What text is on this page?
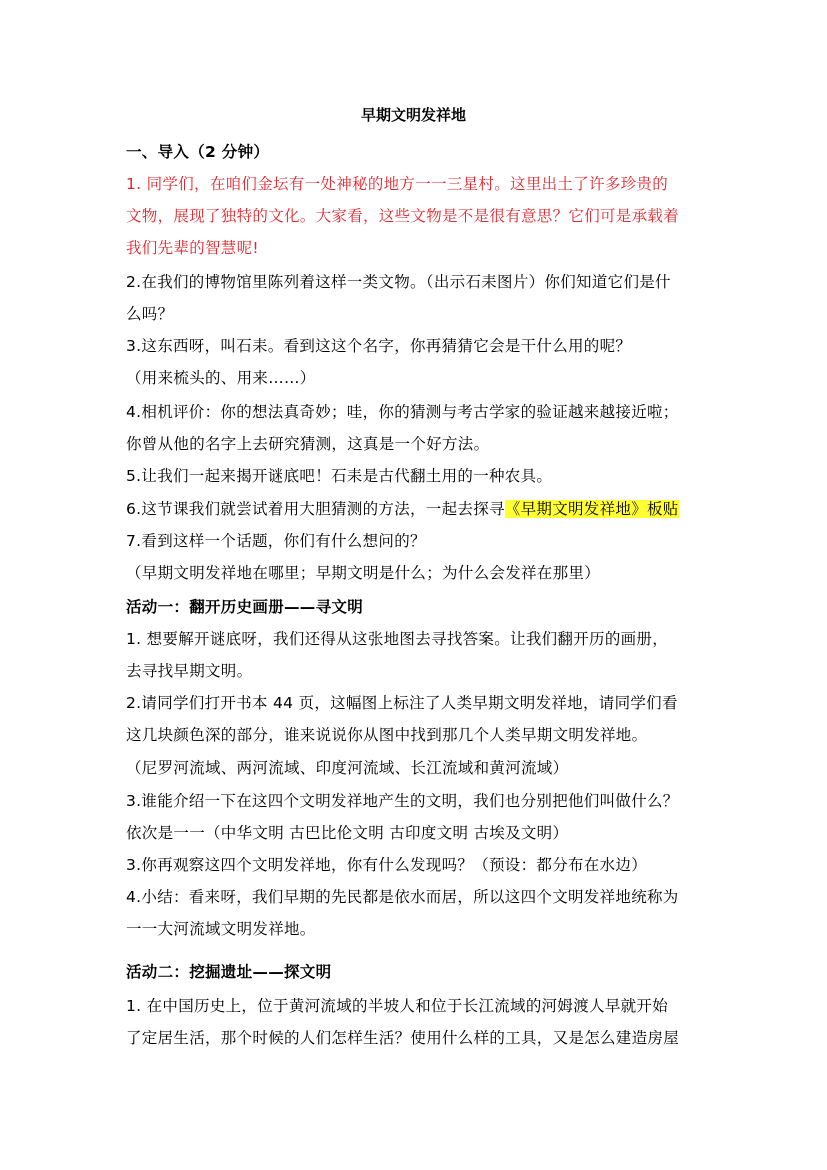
早期文明发祥地
一、导入（2 分钟）
1. 同学们，在咱们金坛有一处神秘的地方一一三星村。这里出土了许多珍贵的
文物，展现了独特的文化。大家看，这些文物是不是很有意思？它们可是承载着
我们先辈的智慧呢!
2.在我们的博物馆里陈列着这样一类文物。（出示石耒图片）你们知道它们是什
么吗？
3.这东西呀，叫石耒。看到这这个名字，你再猜猜它会是干什么用的呢？
（用来梳头的、用来……）
4.相机评价：你的想法真奇妙；哇，你的猜测与考古学家的验证越来越接近啦；
你曾从他的名字上去研究猜测，这真是一个好方法。
5.让我们一起来揭开谜底吧！石耒是古代翻土用的一种农具。
6.这节课我们就尝试着用大胆猜测的方法，一起去探寻《早期文明发祥地》板贴
7.看到这样一个话题，你们有什么想问的？
（早期文明发祥地在哪里；早期文明是什么；为什么会发祥在那里）
活动一：翻开历史画册——寻文明
1. 想要解开谜底呀，我们还得从这张地图去寻找答案。让我们翻开历的画册，
去寻找早期文明。
2.请同学们打开书本 44 页，这幅图上标注了人类早期文明发祥地，请同学们看
这几块颜色深的部分，谁来说说你从图中找到那几个人类早期文明发祥地。
（尼罗河流域、两河流域、印度河流域、长江流域和黄河流域）
3.谁能介绍一下在这四个文明发祥地产生的文明，我们也分别把他们叫做什么？
依次是一一（中华文明 古巴比伦文明 古印度文明 古埃及文明）
3.你再观察这四个文明发祥地，你有什么发现吗？（预设：都分布在水边）
4.小结：看来呀，我们早期的先民都是依水而居，所以这四个文明发祥地统称为
一一大河流域文明发祥地。
活动二：挖掘遗址——探文明
1. 在中国历史上，位于黄河流域的半坡人和位于长江流域的河姆渡人早就开始
了定居生活，那个时候的人们怎样生活？使用什么样的工具，又是怎么建造房屋
